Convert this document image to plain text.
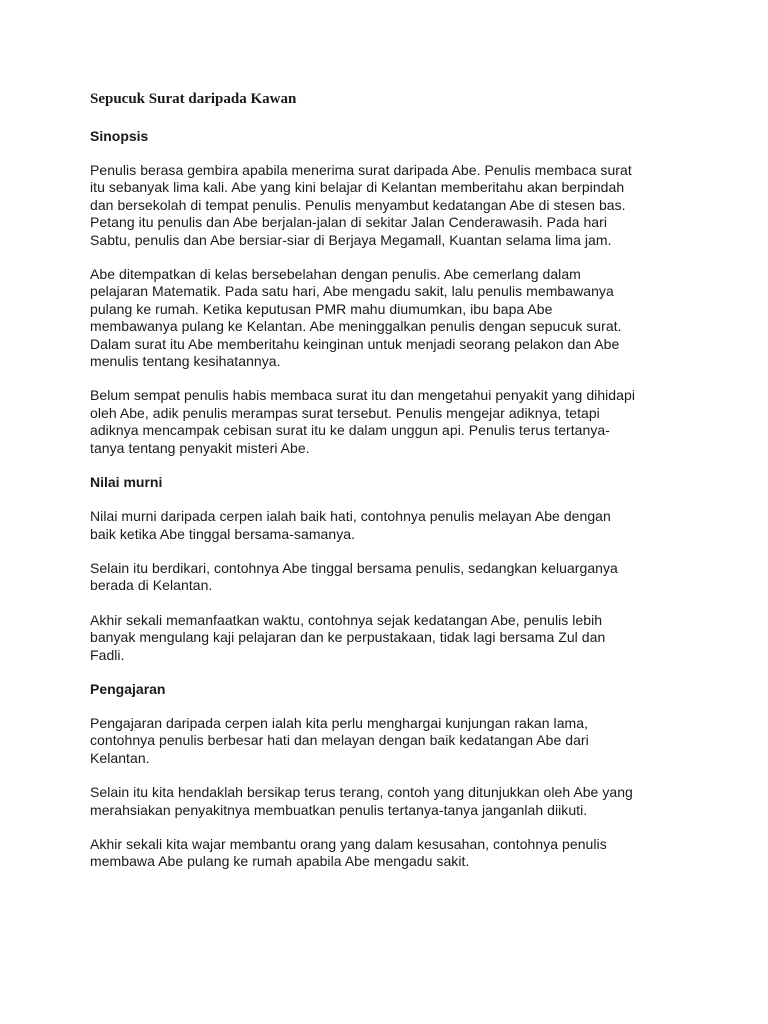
Sepucuk Surat daripada Kawan
Sinopsis

Penulis berasa gembira apabila menerima surat daripada Abe. Penulis membaca surat
itu sebanyak lima kali. Abe yang kini belajar di Kelantan memberitahu akan berpindah
dan bersekolah di tempat penulis. Penulis menyambut kedatangan Abe di stesen bas.
Petang itu penulis dan Abe berjalan-jalan di sekitar Jalan Cenderawasih. Pada hari
Sabtu, penulis dan Abe bersiar-siar di Berjaya Megamall, Kuantan selama lima jam.

Abe ditempatkan di kelas bersebelahan dengan penulis. Abe cemerlang dalam
pelajaran Matematik. Pada satu hari, Abe mengadu sakit, lalu penulis membawanya
pulang ke rumah. Ketika keputusan PMR mahu diumumkan, ibu bapa Abe
membawanya pulang ke Kelantan. Abe meninggalkan penulis dengan sepucuk surat.
Dalam surat itu Abe memberitahu keinginan untuk menjadi seorang pelakon dan Abe
menulis tentang kesihatannya.

Belum sempat penulis habis membaca surat itu dan mengetahui penyakit yang dihidapi
oleh Abe, adik penulis merampas surat tersebut. Penulis mengejar adiknya, tetapi
adiknya mencampak cebisan surat itu ke dalam unggun api. Penulis terus tertanya-
tanya tentang penyakit misteri Abe.

Nilai murni

Nilai murni daripada cerpen ialah baik hati, contohnya penulis melayan Abe dengan
baik ketika Abe tinggal bersama-samanya.

Selain itu berdikari, contohnya Abe tinggal bersama penulis, sedangkan keluarganya
berada di Kelantan.

Akhir sekali memanfaatkan waktu, contohnya sejak kedatangan Abe, penulis lebih
banyak mengulang kaji pelajaran dan ke perpustakaan, tidak lagi bersama Zul dan
Fadli.

Pengajaran

Pengajaran daripada cerpen ialah kita perlu menghargai kunjungan rakan lama,
contohnya penulis berbesar hati dan melayan dengan baik kedatangan Abe dari
Kelantan.

Selain itu kita hendaklah bersikap terus terang, contoh yang ditunjukkan oleh Abe yang
merahsiakan penyakitnya membuatkan penulis tertanya-tanya janganlah diikuti.

Akhir sekali kita wajar membantu orang yang dalam kesusahan, contohnya penulis
membawa Abe pulang ke rumah apabila Abe mengadu sakit.
